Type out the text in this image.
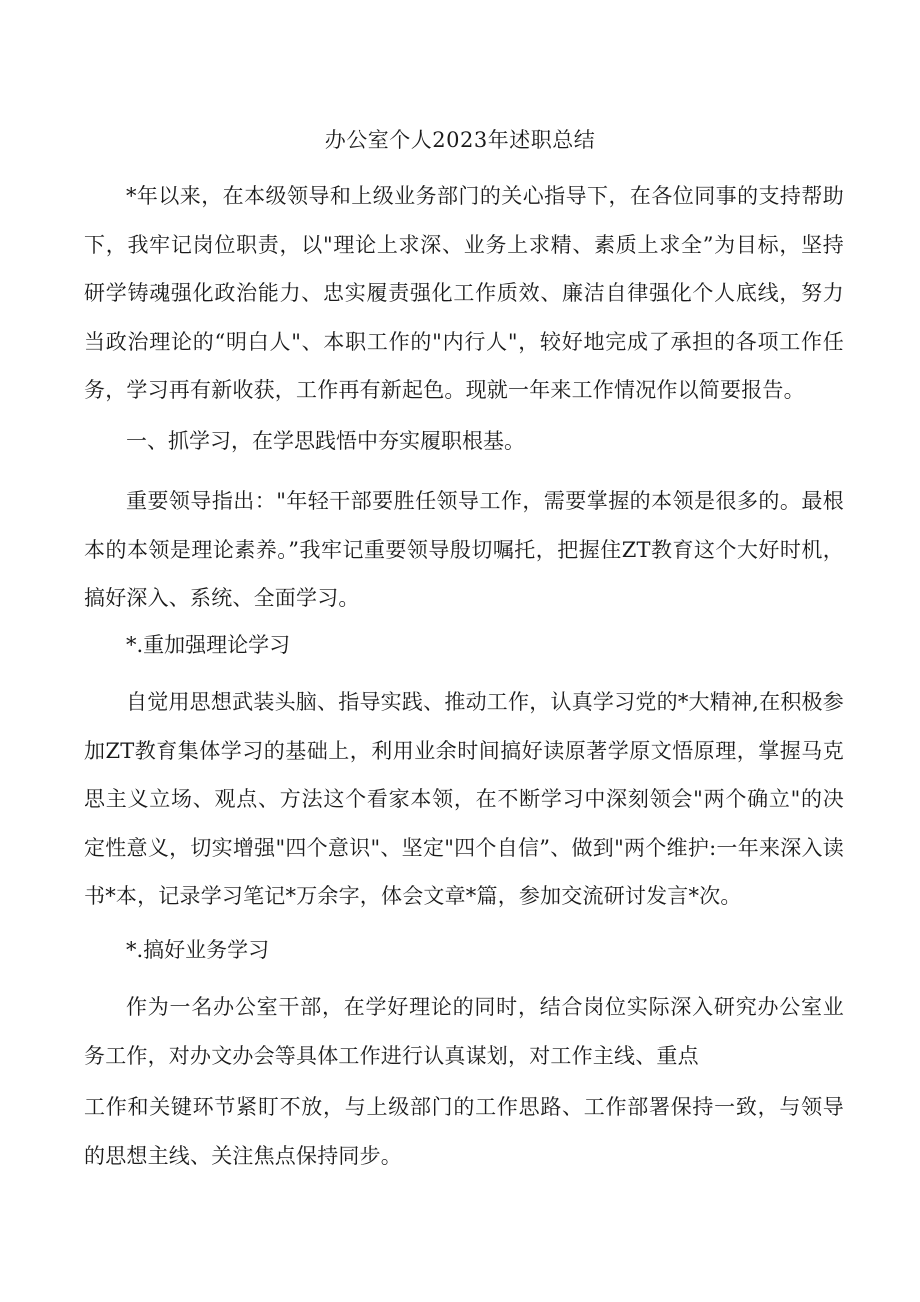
办公室个人2023年述职总结

*年以来，在本级领导和上级业务部门的关心指导下，在各位同事的支持帮助下，我牢记岗位职责，以"理论上求深、业务上求精、素质上求全”为目标，坚持研学铸魂强化政治能力、忠实履责强化工作质效、廉洁自律强化个人底线，努力当政治理论的“明白人"、本职工作的"内行人"，较好地完成了承担的各项工作任务，学习再有新收获，工作再有新起色。现就一年来工作情况作以简要报告。

一、抓学习，在学思践悟中夯实履职根基。

重要领导指出："年轻干部要胜任领导工作，需要掌握的本领是很多的。最根本的本领是理论素养。”我牢记重要领导殷切嘱托，把握住ZT教育这个大好时机，搞好深入、系统、全面学习。

*.重加强理论学习

自觉用思想武装头脑、指导实践、推动工作，认真学习党的*大精神,在积极参加ZT教育集体学习的基础上，利用业余时间搞好读原著学原文悟原理，掌握马克思主义立场、观点、方法这个看家本领，在不断学习中深刻领会"两个确立"的决定性意义，切实增强"四个意识"、坚定"四个自信”、做到"两个维护:一年来深入读书*本，记录学习笔记*万余字，体会文章*篇，参加交流研讨发言*次。

*.搞好业务学习

作为一名办公室干部，在学好理论的同时，结合岗位实际深入研究办公室业务工作，对办文办会等具体工作进行认真谋划，对工作主线、重点

工作和关键环节紧盯不放，与上级部门的工作思路、工作部署保持一致，与领导的思想主线、关注焦点保持同步。
